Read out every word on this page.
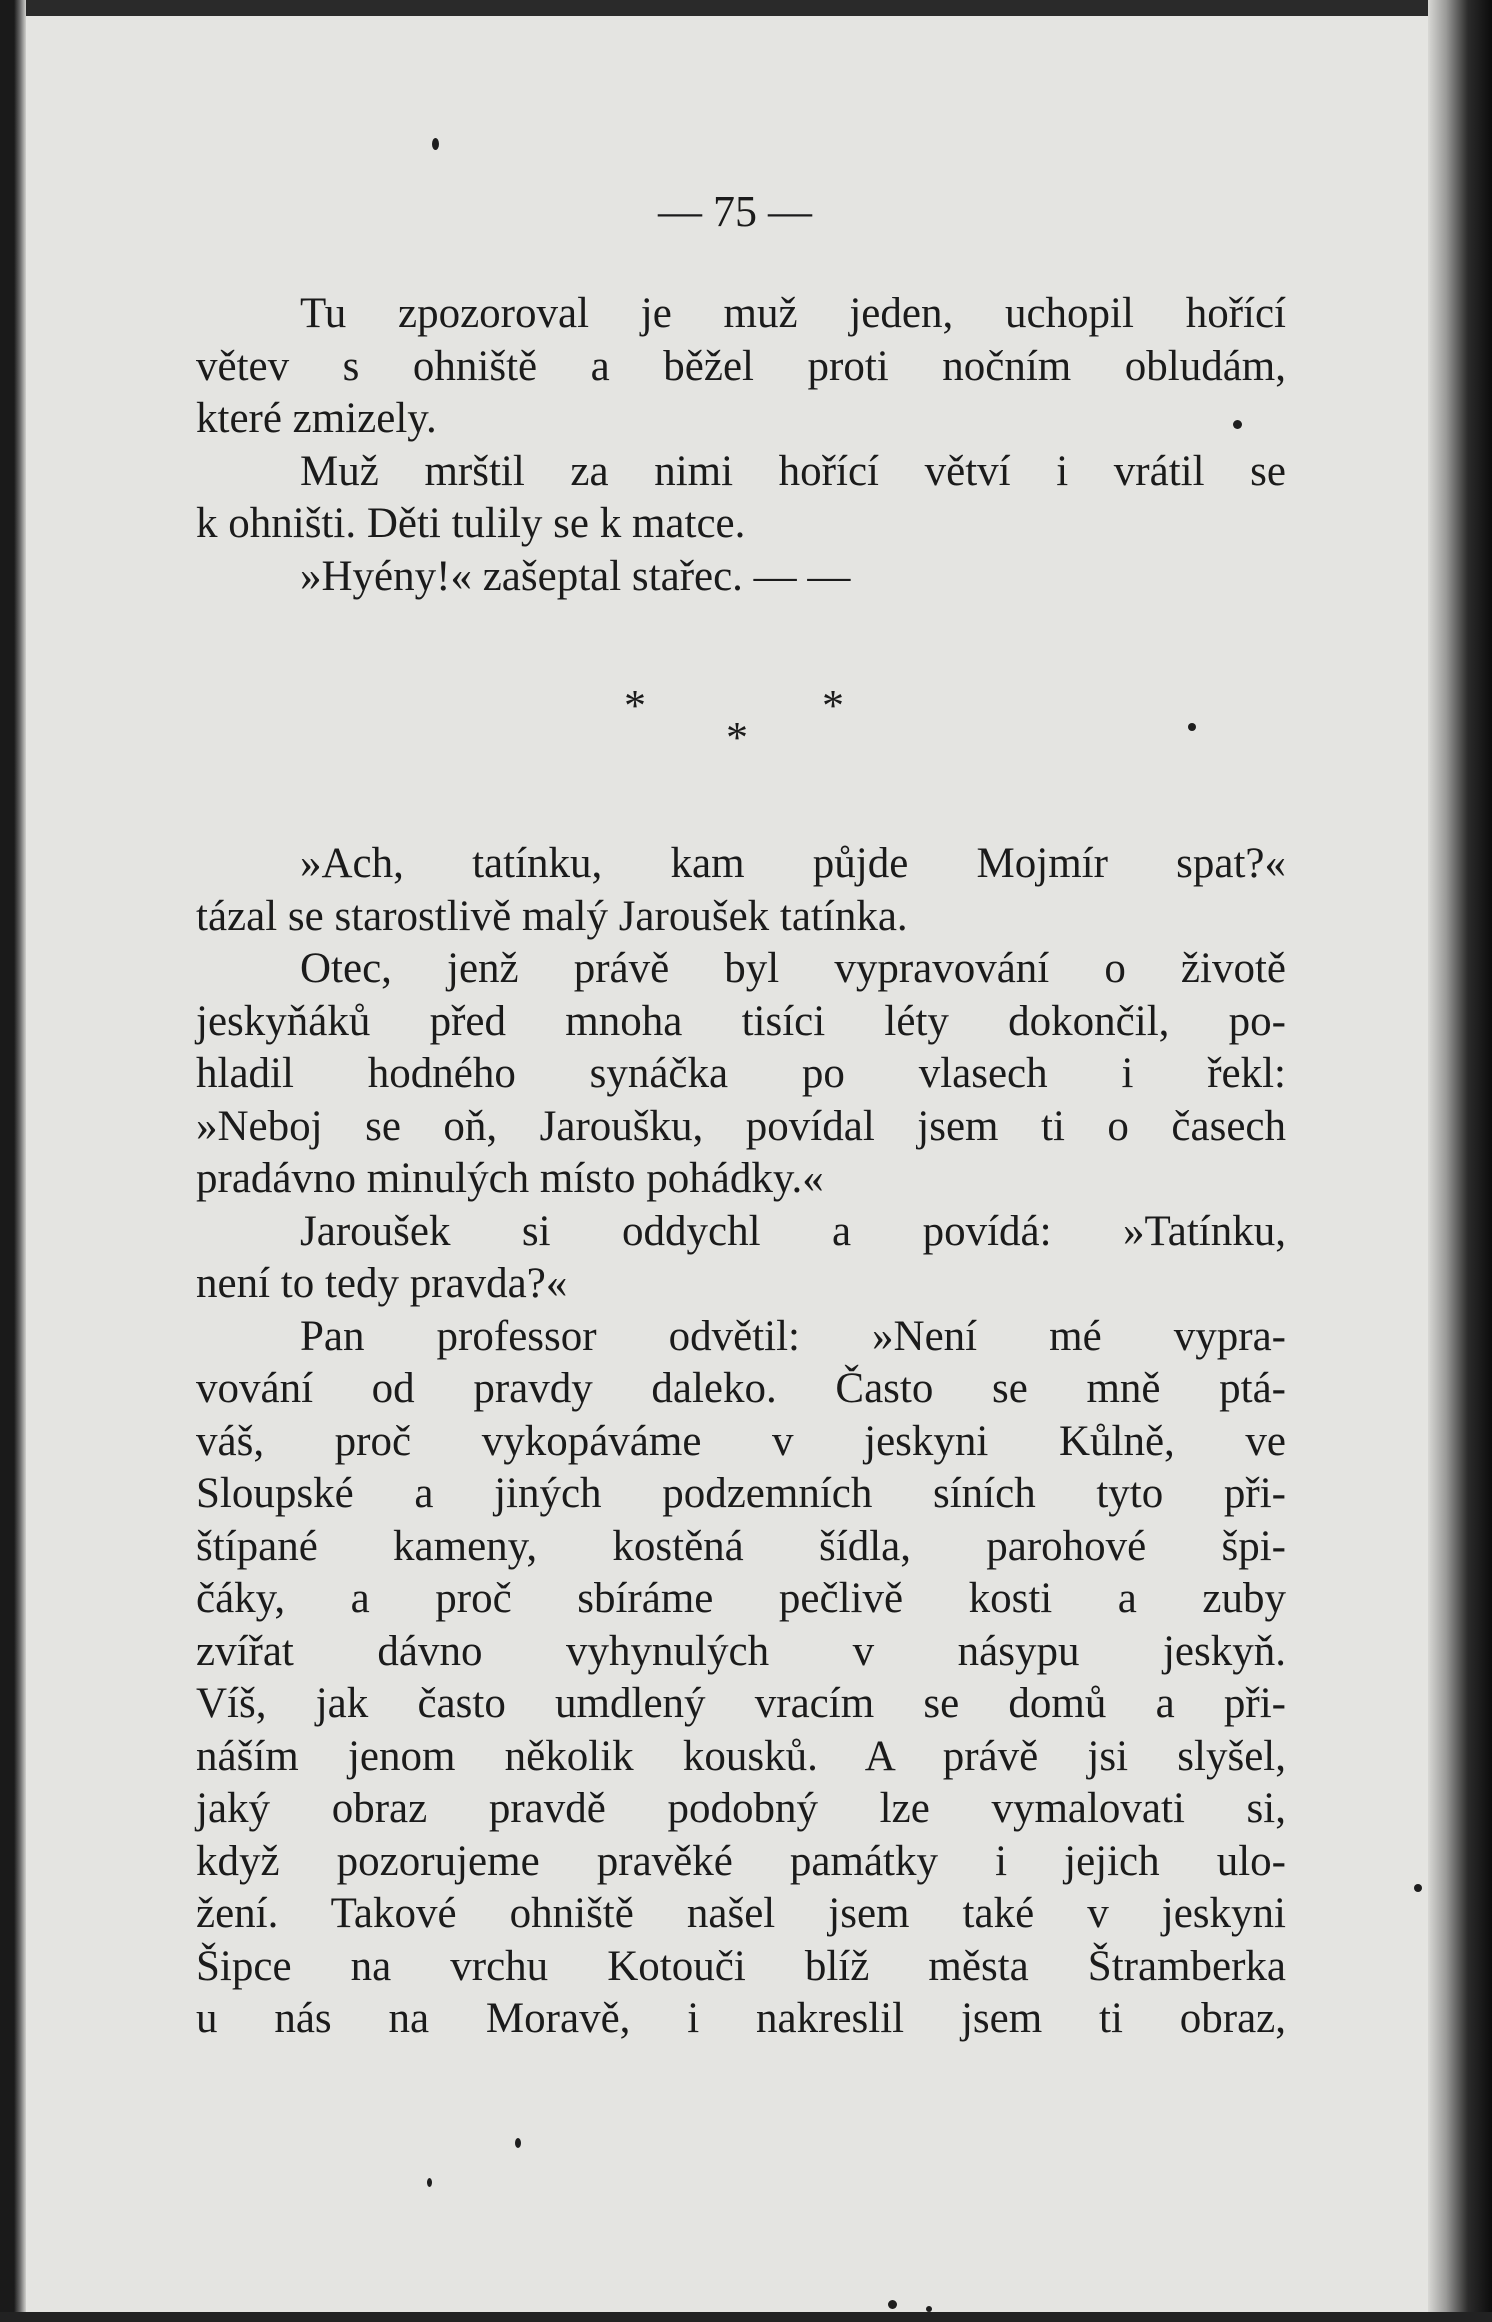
— 75 —
Tu zpozoroval je muž jeden, uchopil hořící
větev s ohniště a běžel proti nočním obludám,
které zmizely.
Muž mrštil za nimi hořící větví i vrátil se
k ohništi. Děti tulily se k matce.
»Hyény!« zašeptal stařec. — —
*
*
*
»Ach, tatínku, kam půjde Mojmír spat?«
tázal se starostlivě malý Jaroušek tatínka.
Otec, jenž právě byl vypravování o životě
jeskyňáků před mnoha tisíci léty dokončil, po-
hladil hodného synáčka po vlasech i řekl:
»Neboj se oň, Jaroušku, povídal jsem ti o časech
pradávno minulých místo pohádky.«
Jaroušek si oddychl a povídá: »Tatínku,
není to tedy pravda?«
Pan professor odvětil: »Není mé vypra-
vování od pravdy daleko. Často se mně ptá-
váš, proč vykopáváme v jeskyni Kůlně, ve
Sloupské a jiných podzemních síních tyto při-
štípané kameny, kostěná šídla, parohové špi-
čáky, a proč sbíráme pečlivě kosti a zuby
zvířat dávno vyhynulých v násypu jeskyň.
Víš, jak často umdlený vracím se domů a při-
náším jenom několik kousků. A právě jsi slyšel,
jaký obraz pravdě podobný lze vymalovati si,
když pozorujeme pravěké památky i jejich ulo-
žení. Takové ohniště našel jsem také v jeskyni
Šipce na vrchu Kotouči blíž města Štramberka
u nás na Moravě, i nakreslil jsem ti obraz,
